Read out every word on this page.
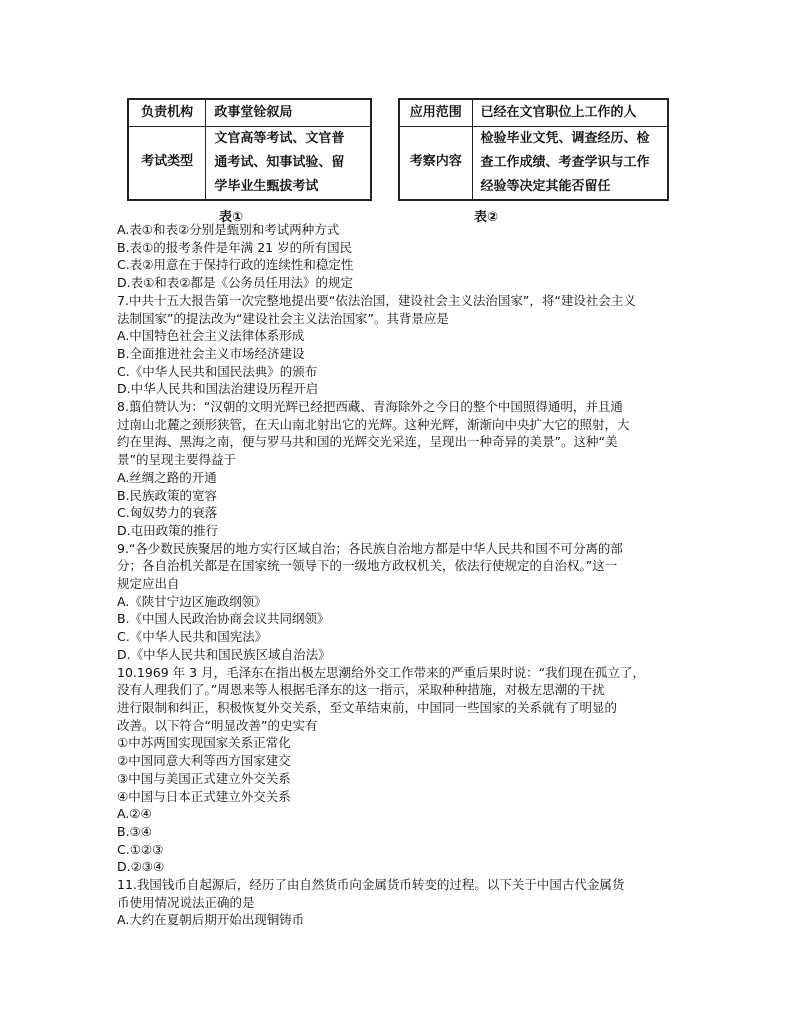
负责机构	政事堂铨叙局
考试类型	文官高等考试、文官普
通考试、知事试验、留
学毕业生甄拔考试
表①
应用范围	已经在文官职位上工作的人
考察内容	检验毕业文凭、调查经历、检
查工作成绩、考查学识与工作
经验等决定其能否留任
表②
A.表①和表②分别是甄别和考试两种方式
B.表①的报考条件是年满 21 岁的所有国民
C.表②用意在于保持行政的连续性和稳定性
D.表①和表②都是《公务员任用法》的规定
7.中共十五大报告第一次完整地提出要“依法治国，建设社会主义法治国家”，将“建设社会主义
法制国家”的提法改为“建设社会主义法治国家”。其背景应是
A.中国特色社会主义法律体系形成
B.全面推进社会主义市场经济建设
C.《中华人民共和国民法典》的颁布
D.中华人民共和国法治建设历程开启
8.翦伯赞认为：“汉朝的文明光辉已经把西藏、青海除外之今日的整个中国照得通明，并且通
过南山北麓之颈形狭管，在天山南北射出它的光辉。这种光辉，渐渐向中央扩大它的照射，大
约在里海、黑海之南，便与罗马共和国的光辉交光采连，呈现出一种奇异的美景”。这种“美
景”的呈现主要得益于
A.丝绸之路的开通
B.民族政策的宽容
C.匈奴势力的衰落
D.屯田政策的推行
9.“各少数民族聚居的地方实行区域自治；各民族自治地方都是中华人民共和国不可分离的部
分；各自治机关都是在国家统一领导下的一级地方政权机关，依法行使规定的自治权。”这一
规定应出自
A.《陕甘宁边区施政纲领》
B.《中国人民政治协商会议共同纲领》
C.《中华人民共和国宪法》
D.《中华人民共和国民族区域自治法》
10.1969 年 3 月，毛泽东在指出极左思潮给外交工作带来的严重后果时说：“我们现在孤立了，
没有人理我们了。”周恩来等人根据毛泽东的这一指示，采取种种措施，对极左思潮的干扰
进行限制和纠正，积极恢复外交关系，至文革结束前，中国同一些国家的关系就有了明显的
改善。以下符合“明显改善”的史实有
①中苏两国实现国家关系正常化
②中国同意大利等西方国家建交
③中国与美国正式建立外交关系
④中国与日本正式建立外交关系
A.②④
B.③④
C.①②③
D.②③④
11.我国钱币自起源后，经历了由自然货币向金属货币转变的过程。以下关于中国古代金属货
币使用情况说法正确的是
A.大约在夏朝后期开始出现铜铸币
